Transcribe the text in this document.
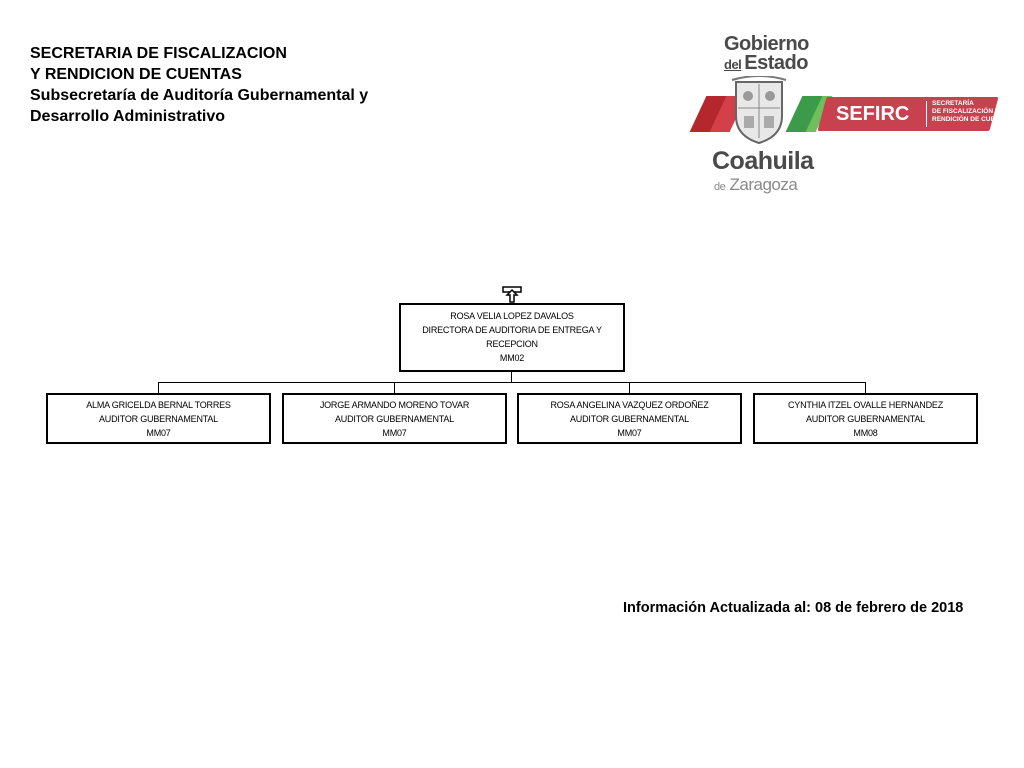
SECRETARIA DE FISCALIZACION
Y RENDICION DE CUENTAS
Subsecretaría de Auditoría Gubernamental y
Desarrollo Administrativo
Gobierno
del Estado
SEFIRC	SECRETARÍA
DE FISCALIZACIÓN Y
RENDICIÓN DE CUENTAS
Coahuila
de Zaragoza
ROSA VELIA LOPEZ DAVALOS
DIRECTORA DE AUDITORIA DE ENTREGA Y RECEPCION
MM02
ALMA GRICELDA BERNAL TORRES
AUDITOR GUBERNAMENTAL
MM07
JORGE ARMANDO MORENO TOVAR
AUDITOR GUBERNAMENTAL
MM07
ROSA ANGELINA VAZQUEZ ORDOÑEZ
AUDITOR GUBERNAMENTAL
MM07
CYNTHIA ITZEL OVALLE HERNANDEZ
AUDITOR GUBERNAMENTAL
MM08
Información Actualizada al: 08 de febrero de 2018
